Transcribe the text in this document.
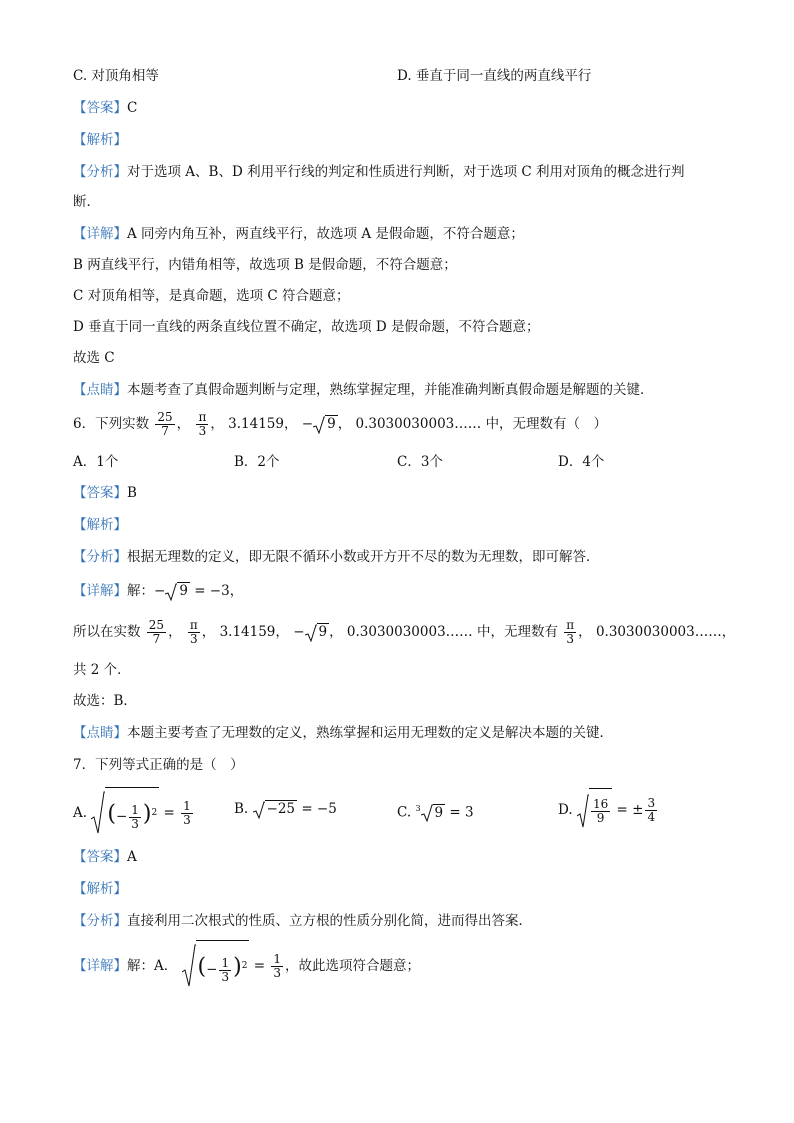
C. 对顶角相等	D. 垂直于同一直线的两直线平行
【答案】C
【解析】
【分析】对于选项 A、B、D 利用平行线的判定和性质进行判断，对于选项 C 利用对顶角的概念进行判
断．
【详解】A 同旁内角互补，两直线平行，故选项 A 是假命题，不符合题意；
B 两直线平行，内错角相等，故选项 B 是假命题，不符合题意；
C 对顶角相等，是真命题，选项 C 符合题意；
D 垂直于同一直线的两条直线位置不确定，故选项 D 是假命题，不符合题意；
故选 C
【点睛】本题考查了真假命题判断与定理，熟练掌握定理，并能准确判断真假命题是解题的关键．
6．下列实数 $\frac{25}{7}$ ， $\frac{\pi}{3}$ ， 3.14159， − 9 ， 0.3030030003…… 中，无理数有（　）
A．1个	B．2个	C．3个	D．4个
【答案】B
【解析】
【分析】根据无理数的定义，即无限不循环小数或开方开不尽的数为无理数，即可解答．
【详解】解：− 9 = −3，
所以在实数 $\frac{25}{7}$ ， $\frac{\pi}{3}$ ， 3.14159， − 9 ， 0.3030030003…… 中，无理数有 $\frac{\pi}{3}$ ， 0.3030030003……，
共 2 个．
故选：B．
【点睛】本题主要考查了无理数的定义，熟练掌握和运用无理数的定义是解决本题的关键．
7．下列等式正确的是（　）
A. (− $\frac{1}{3} )^2 = \frac{1}{3}$	B. −25 = −5	C. $^3$ 9 = 3	D. $\frac{16}{9}$ = ± $\frac{3}{4}$
【答案】A
【解析】
【分析】直接利用二次根式的性质、立方根的性质分别化简，进而得出答案．
【详解】解：A． (− $\frac{1}{3} )^2 = \frac{1}{3}$ ，故此选项符合题意；
